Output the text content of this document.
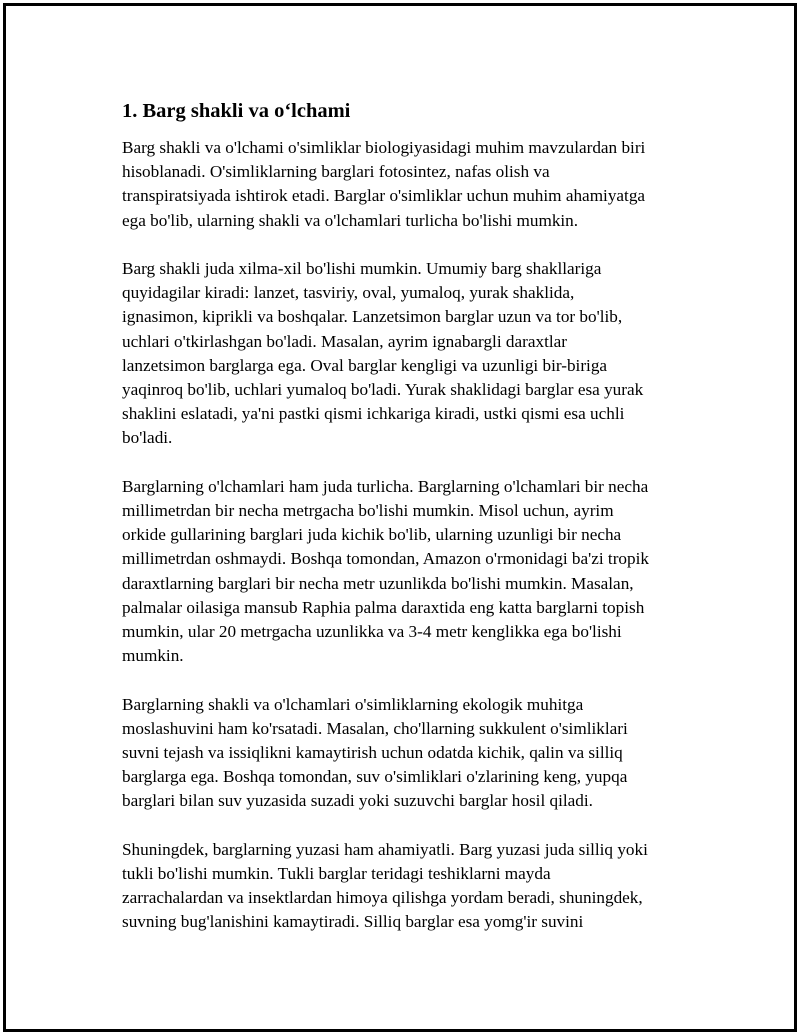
1. Barg shakli va o‘lchami

Barg shakli va o'lchami o'simliklar biologiyasidagi muhim mavzulardan biri
hisoblanadi. O'simliklarning barglari fotosintez, nafas olish va
transpiratsiyada ishtirok etadi. Barglar o'simliklar uchun muhim ahamiyatga
ega bo'lib, ularning shakli va o'lchamlari turlicha bo'lishi mumkin.

Barg shakli juda xilma-xil bo'lishi mumkin. Umumiy barg shakllariga
quyidagilar kiradi: lanzet, tasviriy, oval, yumaloq, yurak shaklida,
ignasimon, kiprikli va boshqalar. Lanzetsimon barglar uzun va tor bo'lib,
uchlari o'tkirlashgan bo'ladi. Masalan, ayrim ignabargli daraxtlar
lanzetsimon barglarga ega. Oval barglar kengligi va uzunligi bir-biriga
yaqinroq bo'lib, uchlari yumaloq bo'ladi. Yurak shaklidagi barglar esa yurak
shaklini eslatadi, ya'ni pastki qismi ichkariga kiradi, ustki qismi esa uchli
bo'ladi.

Barglarning o'lchamlari ham juda turlicha. Barglarning o'lchamlari bir necha
millimetrdan bir necha metrgacha bo'lishi mumkin. Misol uchun, ayrim
orkide gullarining barglari juda kichik bo'lib, ularning uzunligi bir necha
millimetrdan oshmaydi. Boshqa tomondan, Amazon o'rmonidagi ba'zi tropik
daraxtlarning barglari bir necha metr uzunlikda bo'lishi mumkin. Masalan,
palmalar oilasiga mansub Raphia palma daraxtida eng katta barglarni topish
mumkin, ular 20 metrgacha uzunlikka va 3-4 metr kenglikka ega bo'lishi
mumkin.

Barglarning shakli va o'lchamlari o'simliklarning ekologik muhitga
moslashuvini ham ko'rsatadi. Masalan, cho'llarning sukkulent o'simliklari
suvni tejash va issiqlikni kamaytirish uchun odatda kichik, qalin va silliq
barglarga ega. Boshqa tomondan, suv o'simliklari o'zlarining keng, yupqa
barglari bilan suv yuzasida suzadi yoki suzuvchi barglar hosil qiladi.

Shuningdek, barglarning yuzasi ham ahamiyatli. Barg yuzasi juda silliq yoki
tukli bo'lishi mumkin. Tukli barglar teridagi teshiklarni mayda
zarrachalardan va insektlardan himoya qilishga yordam beradi, shuningdek,
suvning bug'lanishini kamaytiradi. Silliq barglar esa yomg'ir suvini
